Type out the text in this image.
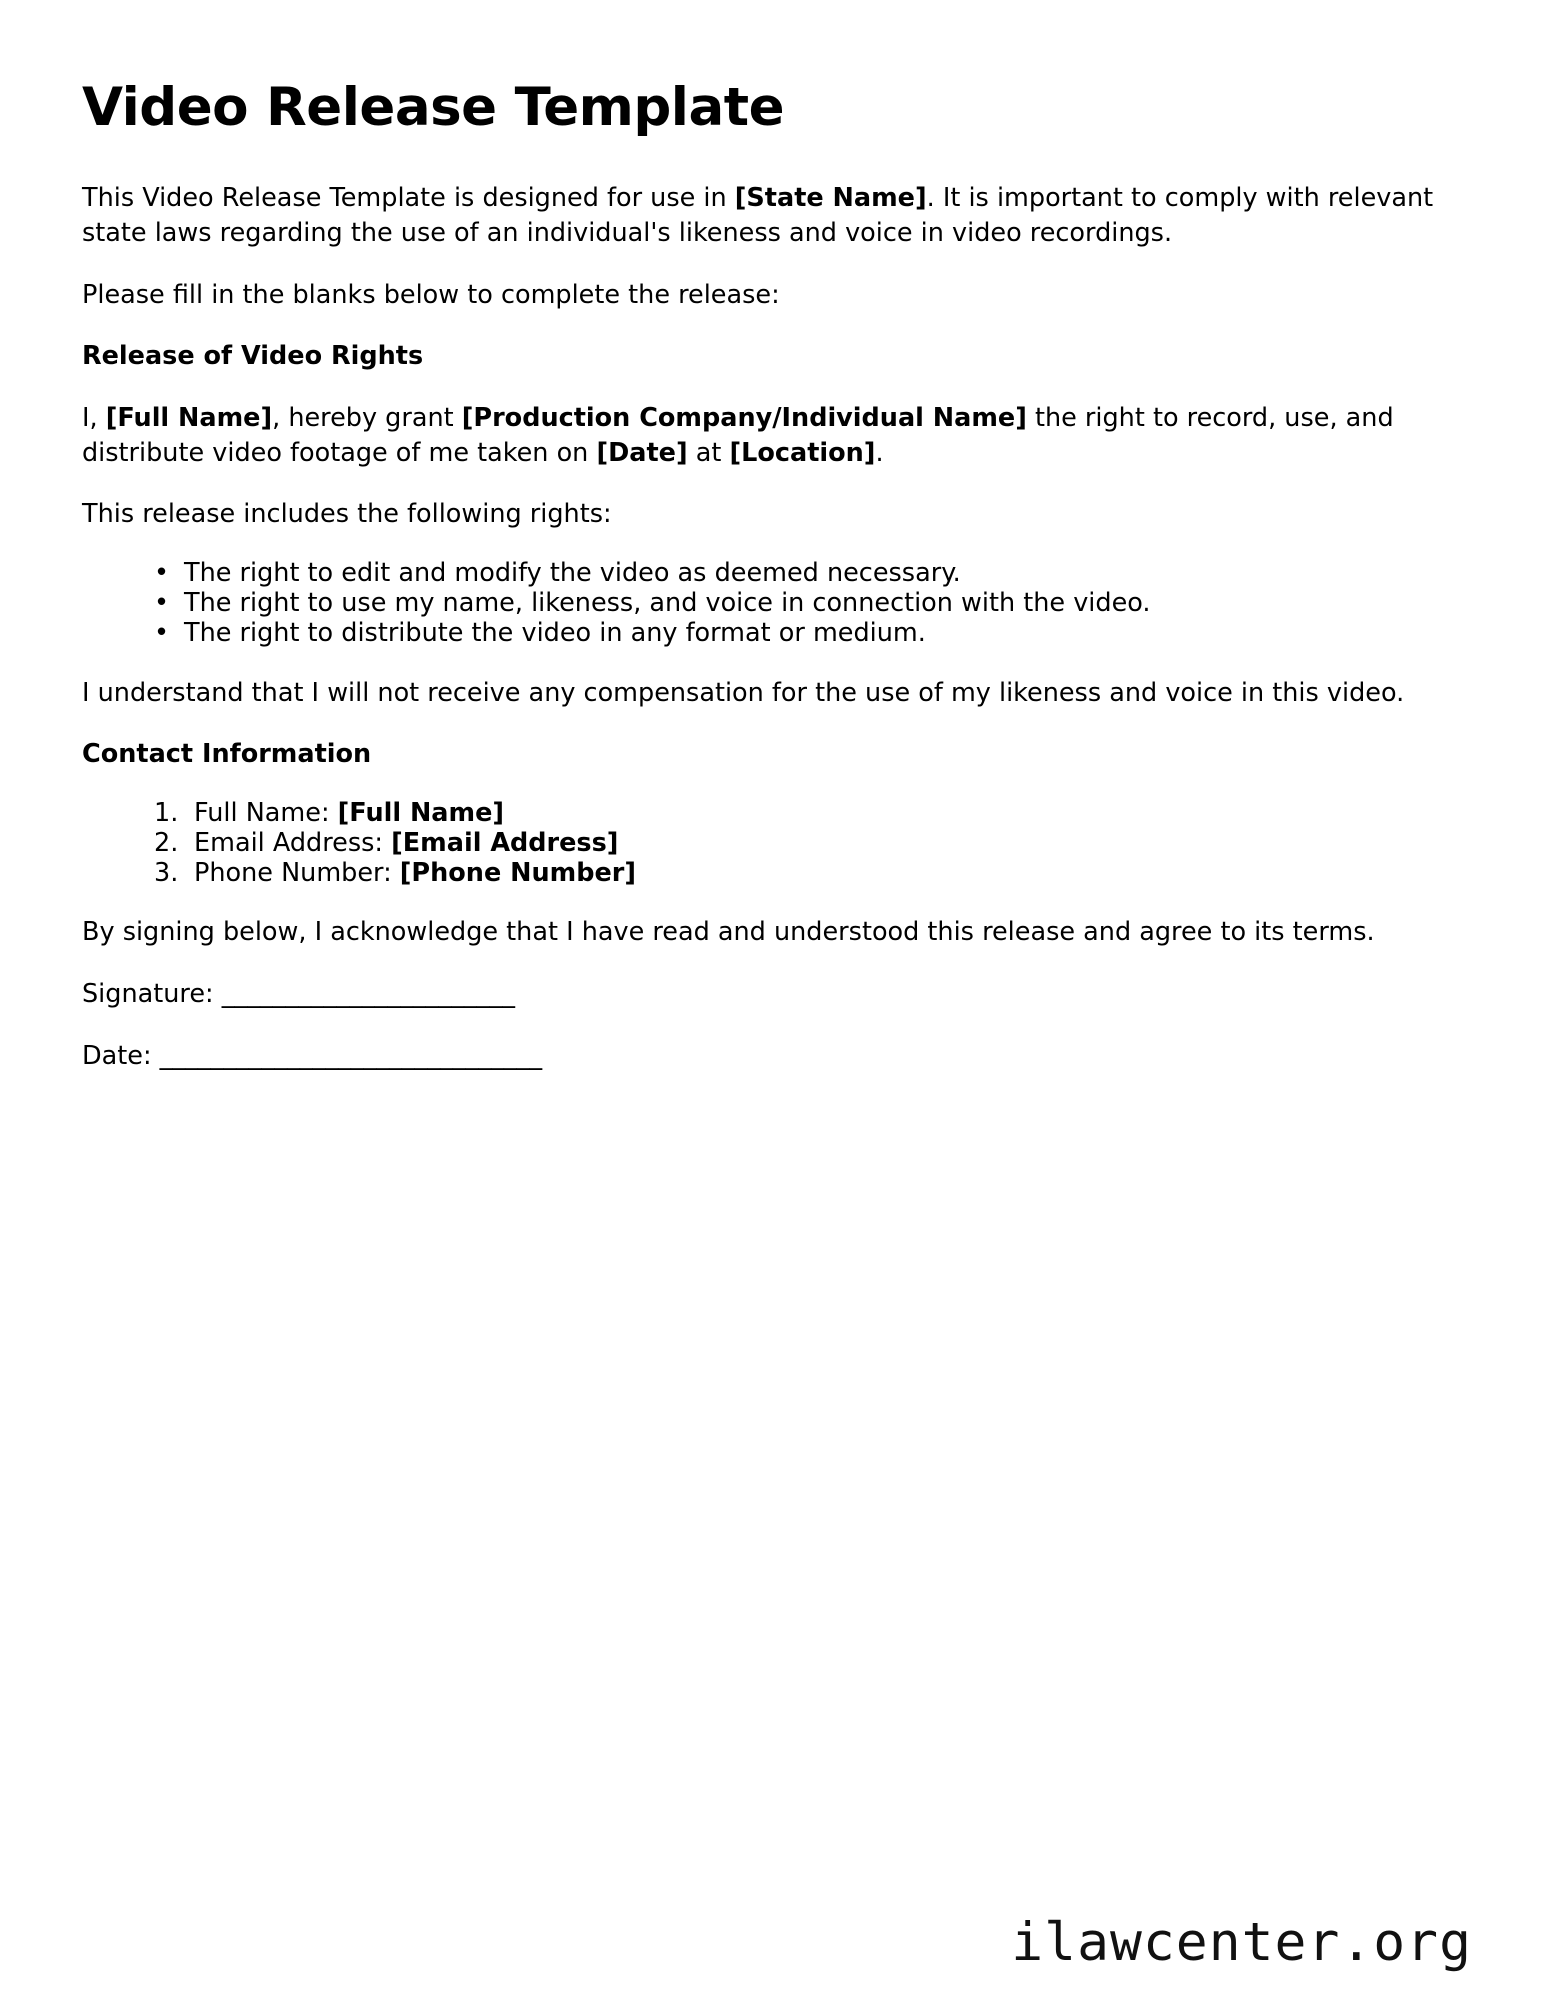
Video Release Template

This Video Release Template is designed for use in [State Name]. It is important to comply with relevant state laws regarding the use of an individual's likeness and voice in video recordings.

Please fill in the blanks below to complete the release:

Release of Video Rights

I, [Full Name], hereby grant [Production Company/Individual Name] the right to record, use, and distribute video footage of me taken on [Date] at [Location].

This release includes the following rights:

• The right to edit and modify the video as deemed necessary.
• The right to use my name, likeness, and voice in connection with the video.
• The right to distribute the video in any format or medium.

I understand that I will not receive any compensation for the use of my likeness and voice in this video.

Contact Information
Full Name: [Full Name]
Email Address: [Email Address]
Phone Number: [Phone Number]

By signing below, I acknowledge that I have read and understood this release and agree to its terms.

Signature: _______________________

Date: ______________________________

ilawcenter.org
